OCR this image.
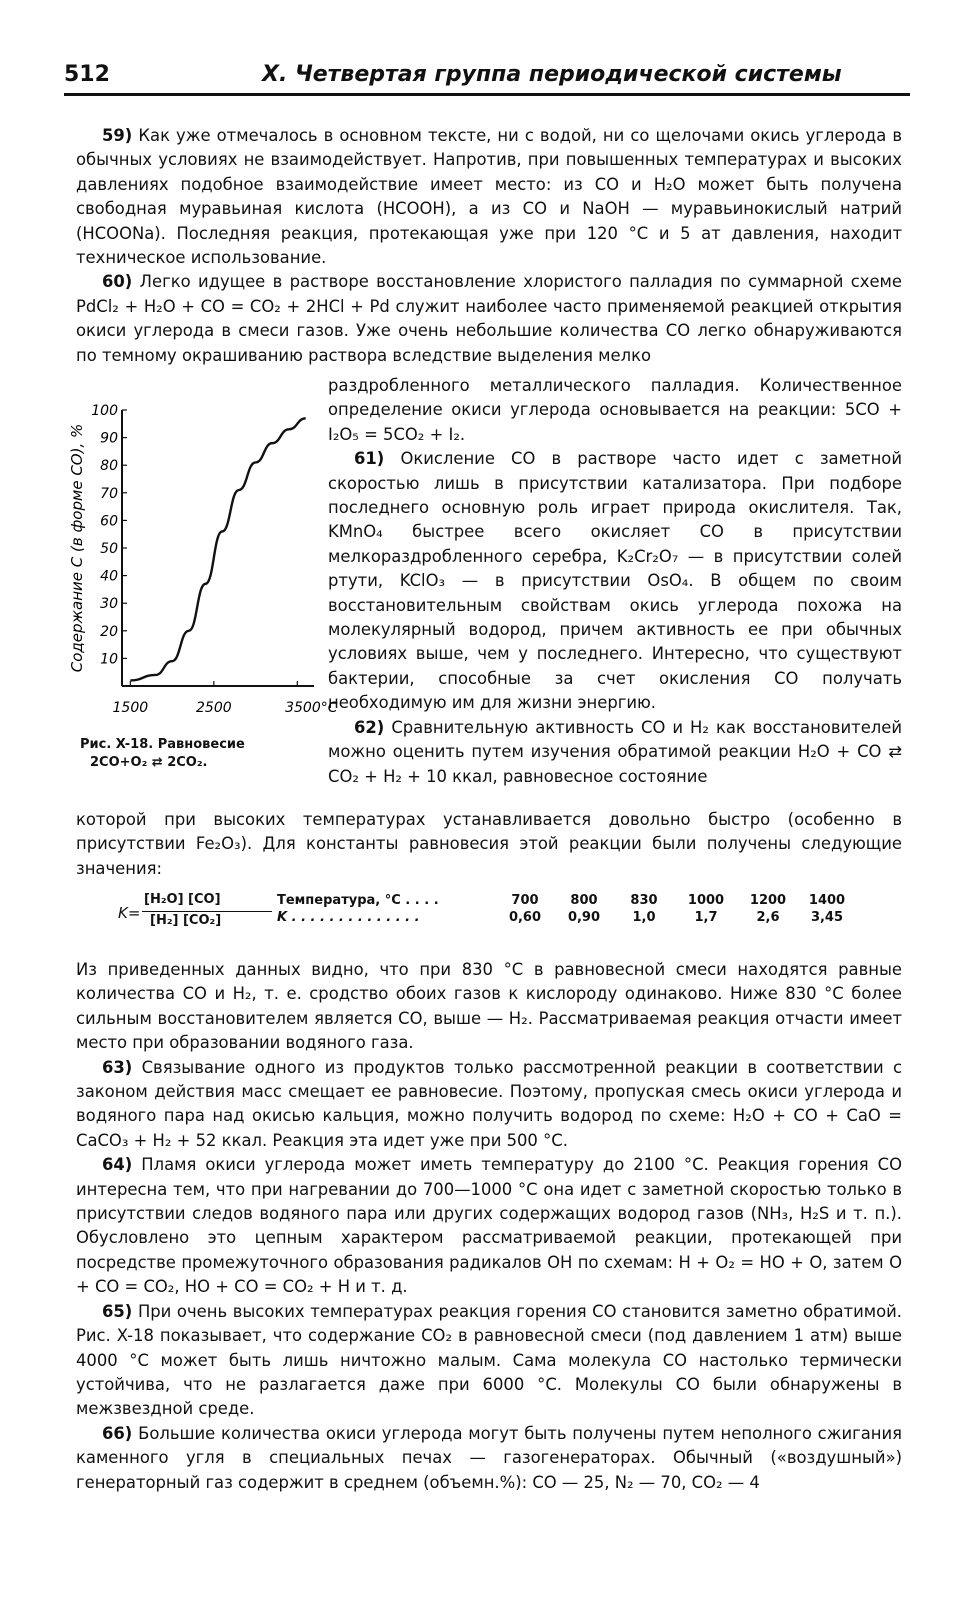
512	X. Четвертая группа периодической системы

59) Как уже отмечалось в основном тексте, ни с водой, ни со щелочами окись углерода в обычных условиях не взаимодействует. Напротив, при повышенных температурах и высоких давлениях подобное взаимодействие имеет место: из CO и H₂O может быть получена свободная муравьиная кислота (HCOOH), а из CO и NaOH — муравьинокислый натрий (HCOONa). Последняя реакция, протекающая уже при 120 °C и 5 ат давления, находит техническое использование.

60) Легко идущее в растворе восстановление хлористого палладия по суммарной схеме PdCl₂ + H₂O + CO = CO₂ + 2HCl + Pd служит наиболее часто применяемой реакцией открытия окиси углерода в смеси газов. Уже очень небольшие количества CO легко обнаруживаются по темному окрашиванию раствора вследствие выделения мелко

раздробленного металлического палладия. Количественное определение окиси углерода основывается на реакции: 5CO + I₂O₅ = 5CO₂ + I₂.

61) Окисление CO в растворе часто идет с заметной скоростью лишь в присутствии катализатора. При подборе последнего основную роль играет природа окислителя. Так, KMnO₄ быстрее всего окисляет CO в присутствии мелкораздробленного серебра, K₂Cr₂O₇ — в присутствии солей ртути, KClO₃ — в присутствии OsO₄. В общем по своим восстановительным свойствам окись углерода похожа на молекулярный водород, причем активность ее при обычных условиях выше, чем у последнего. Интересно, что существуют бактерии, способные за счет окисления CO получать необходимую им для жизни энергию.

62) Сравнительную активность CO и H₂ как восстановителей можно оценить путем изучения обратимой реакции H₂O + CO ⇄ CO₂ + H₂ + 10 ккал, равновесное состояние

10
20
30
40
50
60
70
80
90
100
1500	2500	3500°C
Содержание C (в форме CO), %
Рис. X-18. Равновесие
2CO+O₂ ⇄ 2CO₂.

которой при высоких температурах устанавливается довольно быстро (особенно в присутствии Fe₂O₃). Для константы равновесия этой реакции были получены следующие значения:

K=
[H₂O] [CO]
[H₂] [CO₂]
Температура, °C . . . .	700	800	830	1000	1200	1400
K . . . . . . . . . . . . . .	0,60	0,90	1,0	1,7	2,6	3,45

Из приведенных данных видно, что при 830 °C в равновесной смеси находятся равные количества CO и H₂, т. е. сродство обоих газов к кислороду одинаково. Ниже 830 °C более сильным восстановителем является CO, выше — H₂. Рассматриваемая реакция отчасти имеет место при образовании водяного газа.

63) Связывание одного из продуктов только рассмотренной реакции в соответствии с законом действия масс смещает ее равновесие. Поэтому, пропуская смесь окиси углерода и водяного пара над окисью кальция, можно получить водород по схеме: H₂O + CO + CaO = CaCO₃ + H₂ + 52 ккал. Реакция эта идет уже при 500 °C.

64) Пламя окиси углерода может иметь температуру до 2100 °C. Реакция горения CO интересна тем, что при нагревании до 700—1000 °C она идет с заметной скоростью только в присутствии следов водяного пара или других содержащих водород газов (NH₃, H₂S и т. п.). Обусловлено это цепным характером рассматриваемой реакции, протекающей при посредстве промежуточного образования радикалов OH по схемам: H + O₂ = HO + O, затем O + CO = CO₂, HO + CO = CO₂ + H и т. д.

65) При очень высоких температурах реакция горения CO становится заметно обратимой. Рис. X-18 показывает, что содержание CO₂ в равновесной смеси (под давлением 1 атм) выше 4000 °C может быть лишь ничтожно малым. Сама молекула CO настолько термически устойчива, что не разлагается даже при 6000 °C. Молекулы CO были обнаружены в межзвездной среде.

66) Большие количества окиси углерода могут быть получены путем неполного сжигания каменного угля в специальных печах — газогенераторах. Обычный («воздушный») генераторный газ содержит в среднем (объемн.%): CO — 25, N₂ — 70, CO₂ — 4
